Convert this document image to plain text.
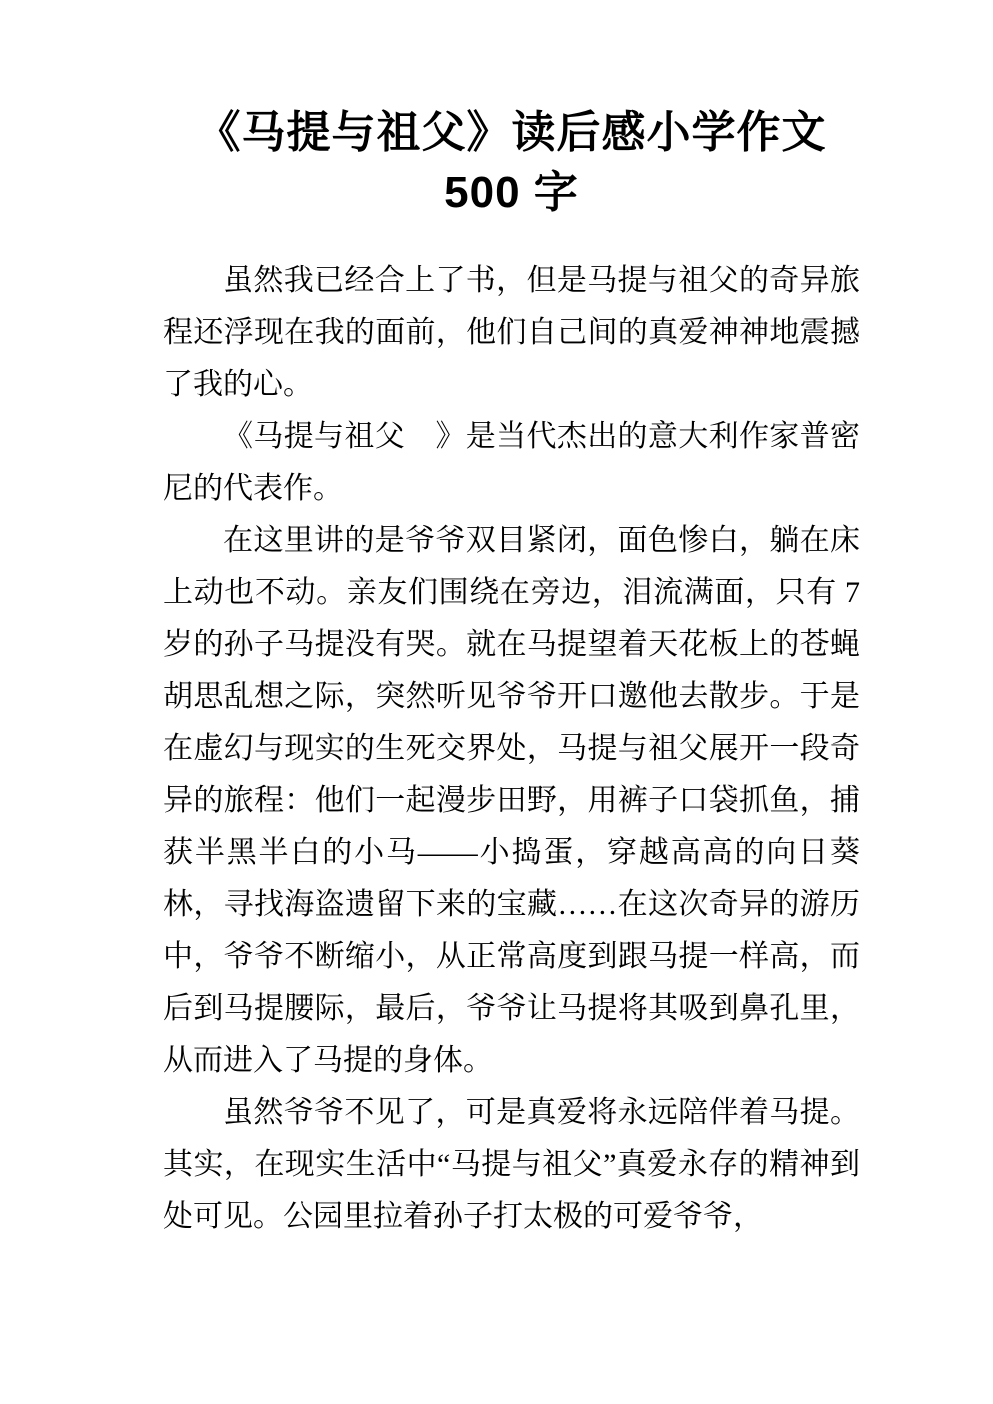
《马提与祖父》读后感小学作文 500 字

虽然我已经合上了书，但是马提与祖父的奇异旅程还浮现在我的面前，他们自己间的真爱神神地震撼了我的心。

《马提与祖父　》是当代杰出的意大利作家普密尼的代表作。

在这里讲的是爷爷双目紧闭，面色惨白，躺在床上动也不动。亲友们围绕在旁边，泪流满面，只有 7 岁的孙子马提没有哭。就在马提望着天花板上的苍蝇胡思乱想之际，突然听见爷爷开口邀他去散步。于是在虚幻与现实的生死交界处，马提与祖父展开一段奇异的旅程：他们一起漫步田野，用裤子口袋抓鱼，捕获半黑半白的小马——小捣蛋，穿越高高的向日葵林，寻找海盗遗留下来的宝藏……在这次奇异的游历中，爷爷不断缩小，从正常高度到跟马提一样高，而后到马提腰际，最后，爷爷让马提将其吸到鼻孔里，从而进入了马提的身体。

虽然爷爷不见了，可是真爱将永远陪伴着马提。其实，在现实生活中“马提与祖父”真爱永存的精神到处可见。公园里拉着孙子打太极的可爱爷爷，
